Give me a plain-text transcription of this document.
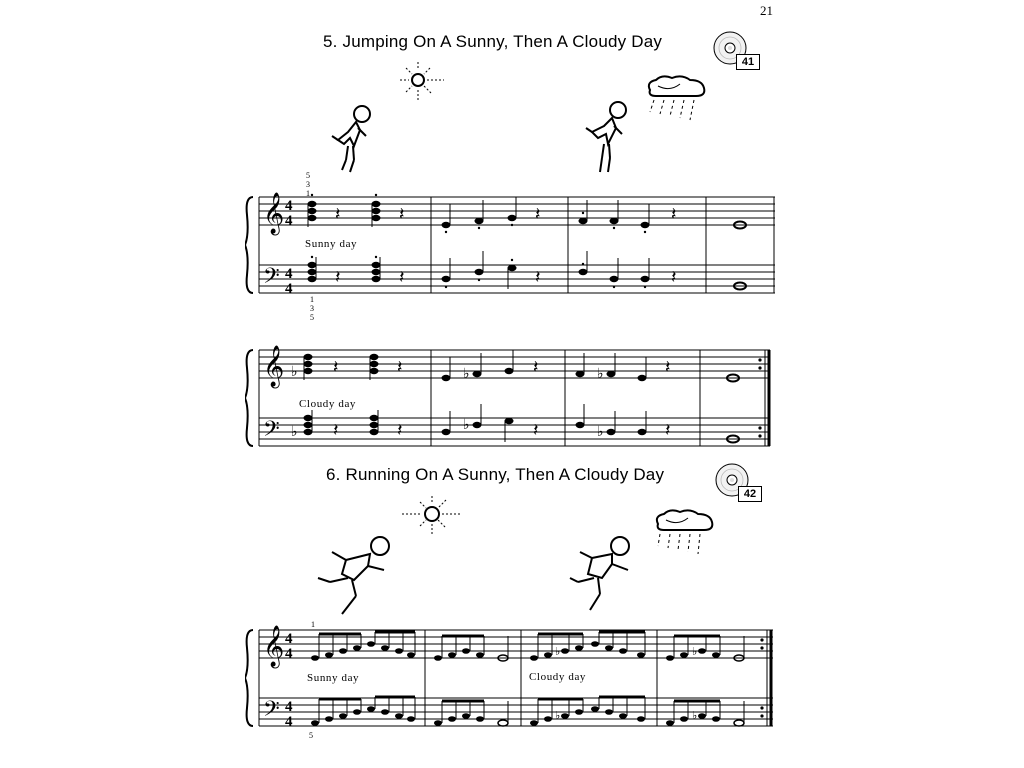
21
5. Jumping On A Sunny, Then A Cloudy Day
41
𝄞
𝄢
4
4
4
4
𝄽	𝄽	𝄽	𝄽
𝄽	𝄽	𝄽	𝄽
5
3
1
1
3
5
Sunny day
𝄞
𝄢
♭ 𝄽	𝄽	♭	𝄽	♭	𝄽
♭ 𝄽	𝄽	♭	𝄽	♭	𝄽
Cloudy day
6. Running On A Sunny, Then A Cloudy Day
42
𝄞
𝄢
4
4
4
4
♭	♭
♭	♭
1
5
Sunny day	Cloudy day
